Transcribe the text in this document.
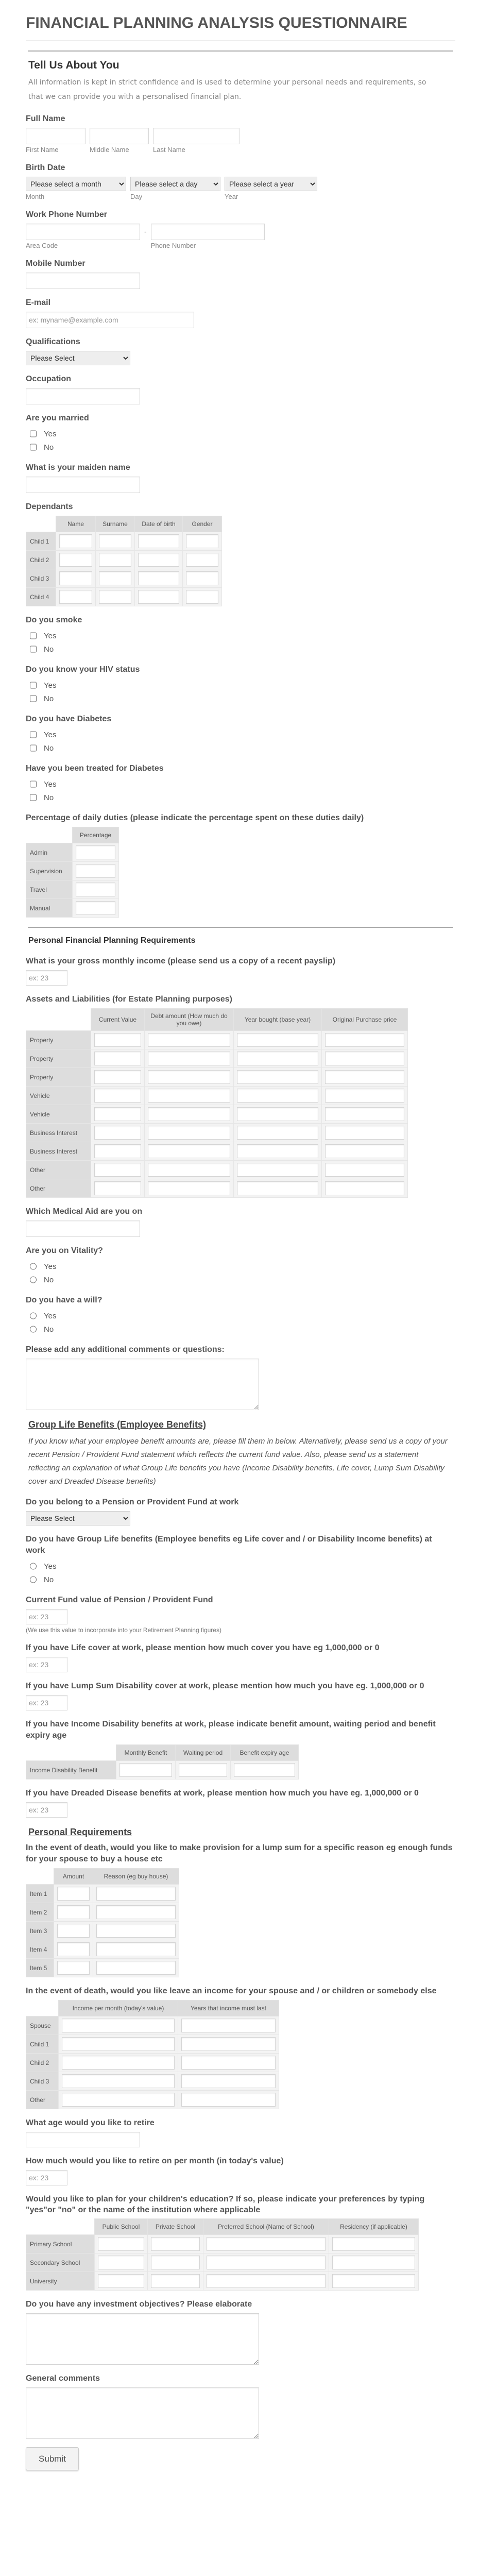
FINANCIAL PLANNING ANALYSIS QUESTIONNAIRE
Tell Us About You
All information is kept in strict confidence and is used to determine your personal needs and requirements, so that we can provide you with a personalised financial plan.
Full Name
First Name	Middle Name	Last Name
Birth Date
Please select a month
Month
Please select a day	Day
Please select a year	Year
Work Phone Number
Area Code
-
Phone Number
Mobile Number
E-mail
ex: myname@example.com
Qualifications
Please Select
Occupation
Are you married
Yes
No
What is your maiden name
Dependants
	Name	Surname	Date of birth	Gender
Child 1	

Child 2	

Child 3	

Child 4	

Do you smoke
Yes
No
Do you know your HIV status
Yes
No
Do you have Diabetes
Yes
No
Have you been treated for Diabetes
Yes
No
Percentage of daily duties (please indicate the percentage spent on these duties daily)
	Percentage
Admin	

Supervision	

Travel	

Manual	
Personal Financial Planning Requirements
What is your gross monthly income (please send us a copy of a recent payslip)
ex: 23
Assets and Liabilities (for Estate Planning purposes)
	Current Value	Debt amount (How much do you owe)	Year bought (base year)	Original Purchase price
Property	

Property	

Property	

Vehicle	

Vehicle	

Business Interest	

Business Interest	

Other	

Other	

Which Medical Aid are you on
Are you on Vitality?
Yes
No
Do you have a will?
Yes
No
Please add any additional comments or questions:
Group Life Benefits (Employee Benefits)
If you know what your employee benefit amounts are, please fill them in below. Alternatively, please send us a copy of your recent Pension / Provident Fund statement which reflects the current fund value. Also, please send us a statement reflecting an explanation of what Group Life benefits you have (Income Disability benefits, Life cover, Lump Sum Disability cover and Dreaded Disease benefits)
Do you belong to a Pension or Provident Fund at work
Please Select
Do you have Group Life benefits (Employee benefits eg Life cover and / or Disability Income benefits) at work
Yes
No
Current Fund value of Pension / Provident Fund
ex: 23
(We use this value to incorporate into your Retirement Planning figures)
If you have Life cover at work, please mention how much cover you have eg 1,000,000 or 0
ex: 23
If you have Lump Sum Disability cover at work, please mention how much you have eg. 1,000,000 or 0
ex: 23
If you have Income Disability benefits at work, please indicate benefit amount, waiting period and benefit expiry age
	Monthly Benefit	Waiting period	Benefit expiry age
Income Disability Benefit	

If you have Dreaded Disease benefits at work, please mention how much you have eg. 1,000,000 or 0
ex: 23
Personal Requirements
In the event of death, would you like to make provision for a lump sum for a specific reason eg enough funds for your spouse to buy a house etc
	Amount	Reason (eg buy house)
Item 1	

Item 2	

Item 3	

Item 4	

Item 5	

In the event of death, would you like leave an income for your spouse and / or children or somebody else
	Income per month (today's value)	Years that income must last
Spouse	

Child 1	

Child 2	

Child 3	

Other	

What age would you like to retire
How much would you like to retire on per month (in today's value)
ex: 23
Would you like to plan for your children's education? If so, please indicate your preferences by typing "yes"or "no" or the name of the institution where applicable
	Public School	Private School	Preferred School (Name of School)	Residency (if applicable)
Primary School	

Secondary School	

University	

Do you have any investment objectives? Please elaborate
General comments
Submit
